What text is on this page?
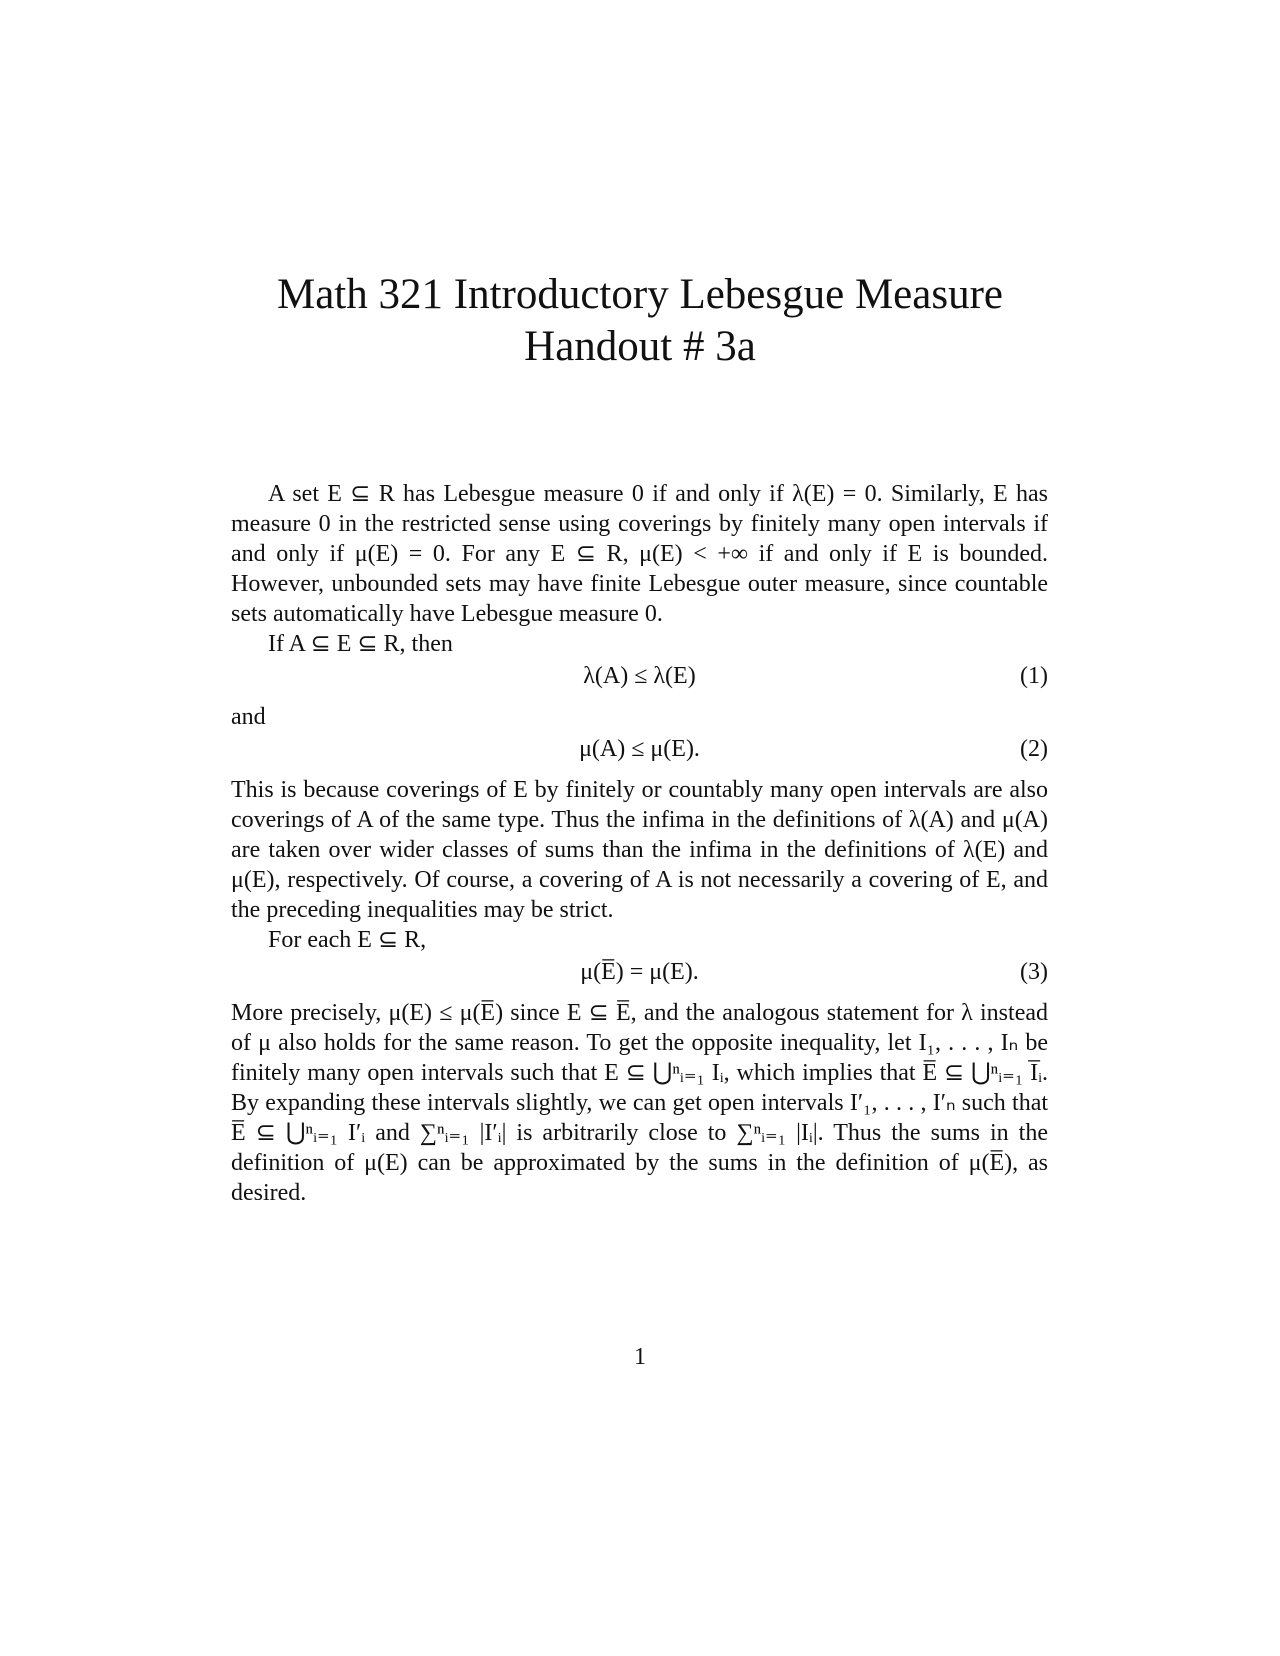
Math 321 Introductory Lebesgue Measure
Handout # 3a

A set E ⊆ R has Lebesgue measure 0 if and only if λ(E) = 0. Similarly, E has measure 0 in the restricted sense using coverings by finitely many open intervals if and only if μ(E) = 0. For any E ⊆ R, μ(E) < +∞ if and only if E is bounded. However, unbounded sets may have finite Lebesgue outer measure, since countable sets automatically have Lebesgue measure 0.

If A ⊆ E ⊆ R, then

λ(A) ≤ λ(E)	(1)

and

μ(A) ≤ μ(E).	(2)

This is because coverings of E by finitely or countably many open intervals are also coverings of A of the same type. Thus the infima in the definitions of λ(A) and μ(A) are taken over wider classes of sums than the infima in the definitions of λ(E) and μ(E), respectively. Of course, a covering of A is not necessarily a covering of E, and the preceding inequalities may be strict.

For each E ⊆ R,

μ(E̅) = μ(E).	(3)

More precisely, μ(E) ≤ μ(E̅) since E ⊆ E̅, and the analogous statement for λ instead of μ also holds for the same reason. To get the opposite inequality, let I₁, . . . , Iₙ be finitely many open intervals such that E ⊆ ⋃ⁿᵢ₌₁ Iᵢ, which implies that E̅ ⊆ ⋃ⁿᵢ₌₁ I̅ᵢ. By expanding these intervals slightly, we can get open intervals I′₁, . . . , I′ₙ such that E̅ ⊆ ⋃ⁿᵢ₌₁ I′ᵢ and ∑ⁿᵢ₌₁ |I′ᵢ| is arbitrarily close to ∑ⁿᵢ₌₁ |Iᵢ|. Thus the sums in the definition of μ(E) can be approximated by the sums in the definition of μ(E̅), as desired.

1
